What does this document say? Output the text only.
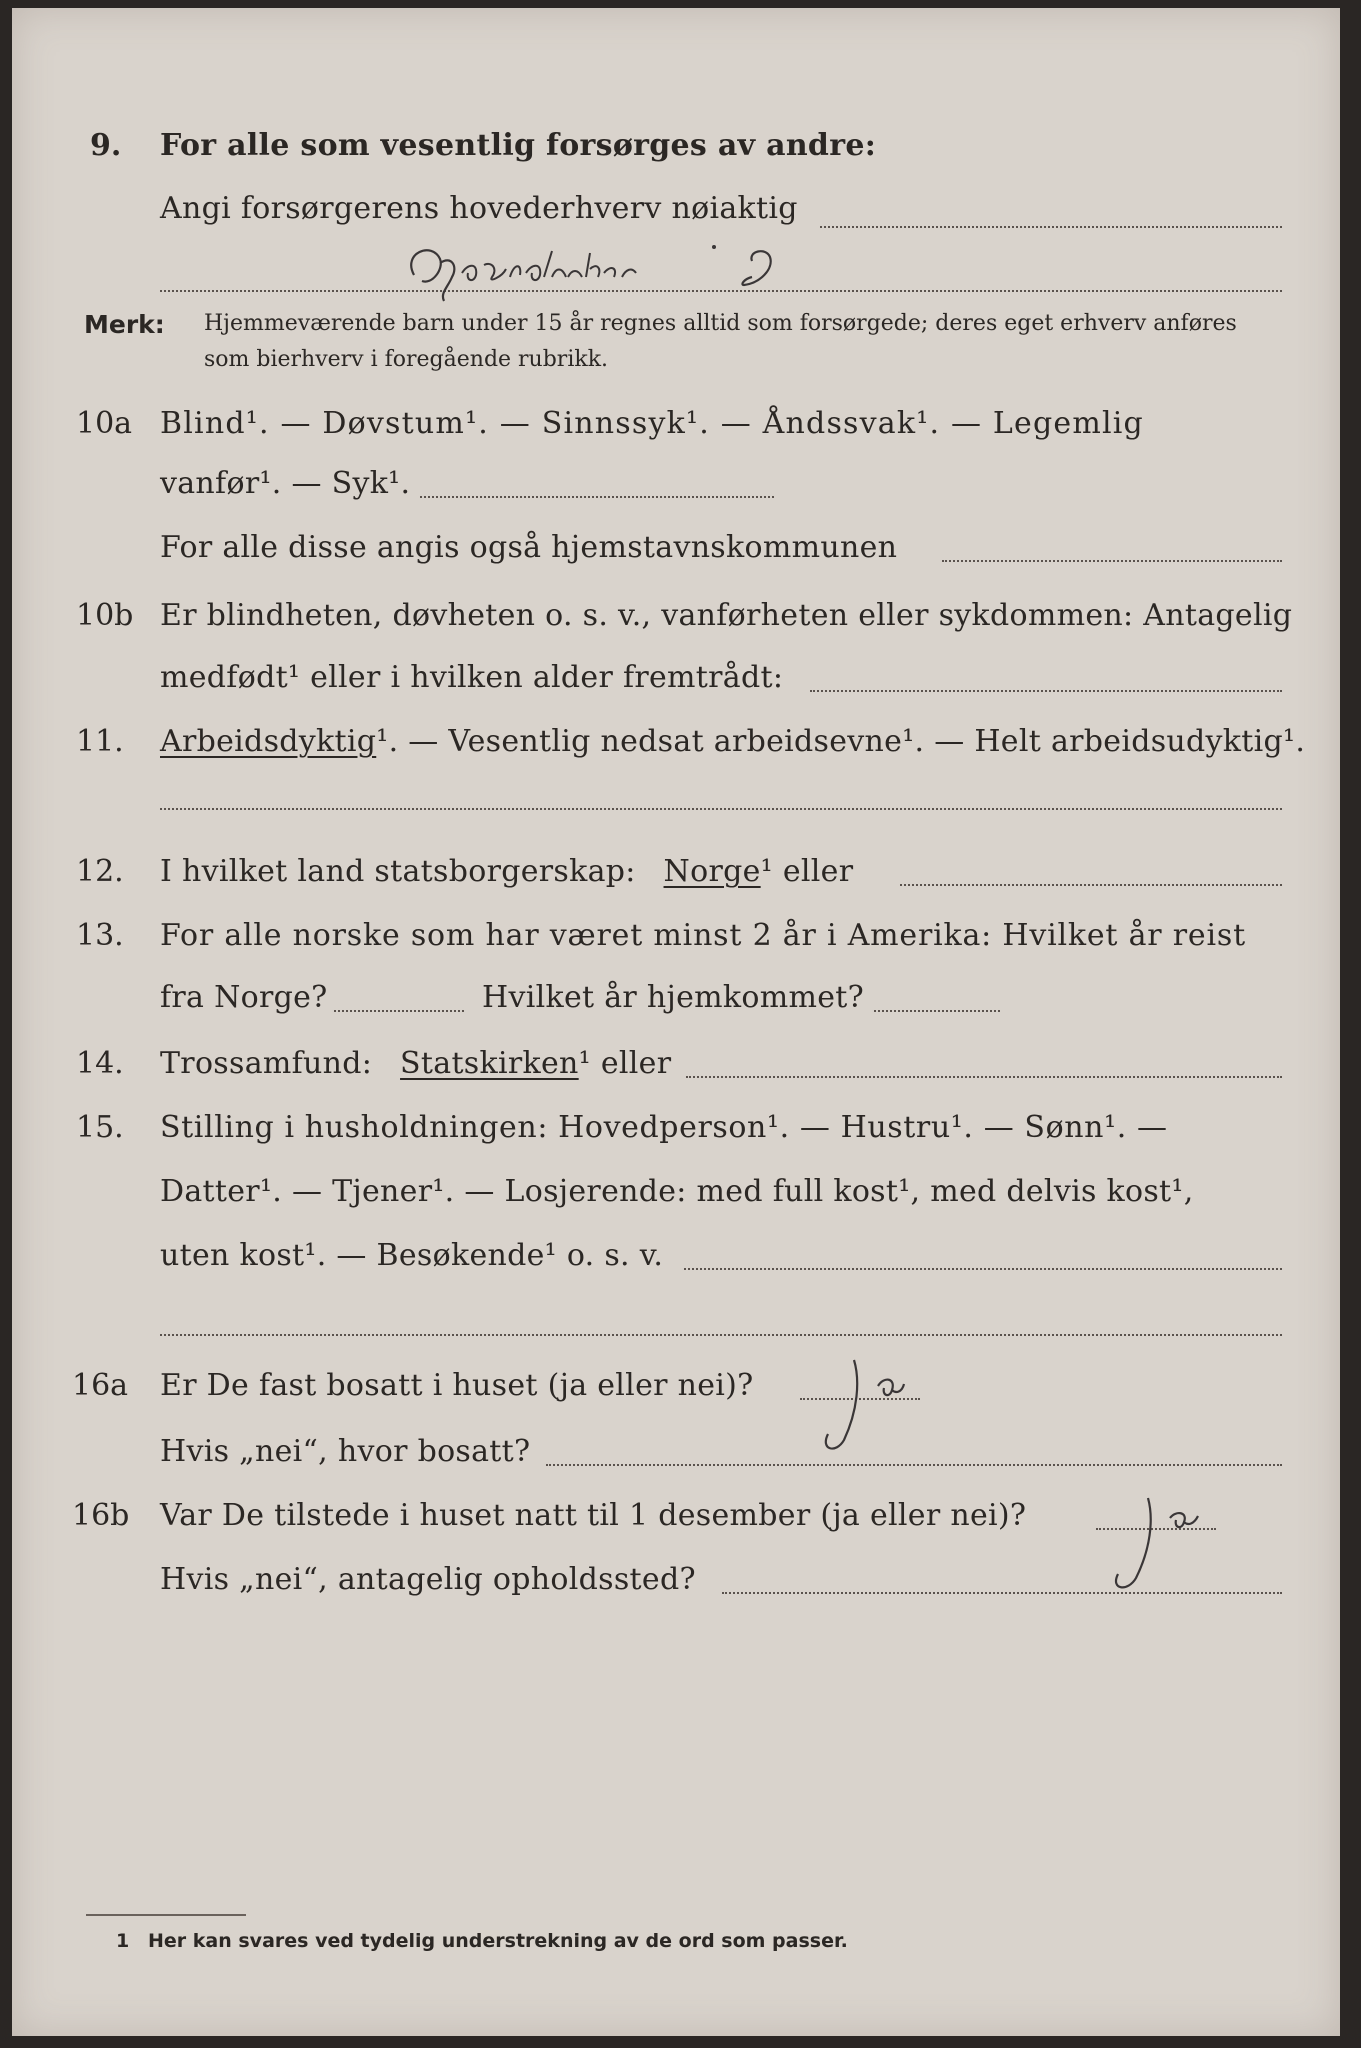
9. For alle som vesentlig forsørges av andre:
Angi forsørgerens hovederhverv nøiaktig
Merk: Hjemmeværende barn under 15 år regnes alltid som forsørgede; deres eget erhverv anføres som bierhverv i foregående rubrikk.
10a Blind¹. — Døvstum¹. — Sinnssyk¹. — Åndssvak¹. — Legemlig
vanfør¹. — Syk¹.
For alle disse angis også hjemstavnskommunen
10b Er blindheten, døvheten o. s. v., vanførheten eller sykdommen: Antagelig
medfødt¹ eller i hvilken alder fremtrådt:
11. Arbeidsdyktig¹. — Vesentlig nedsat arbeidsevne¹. — Helt arbeidsudyktig¹.
12. I hvilket land statsborgerskap: Norge¹ eller
13. For alle norske som har været minst 2 år i Amerika: Hvilket år reist
fra Norge?	Hvilket år hjemkommet?
14. Trossamfund: Statskirken¹ eller
15. Stilling i husholdningen: Hovedperson¹. — Hustru¹. — Sønn¹. —
Datter¹. — Tjener¹. — Losjerende: med full kost¹, med delvis kost¹,
uten kost¹. — Besøkende¹ o. s. v.
16a Er De fast bosatt i huset (ja eller nei)?
Hvis „nei“, hvor bosatt?
16b Var De tilstede i huset natt til 1 desember (ja eller nei)?
Hvis „nei“, antagelig opholdssted?
1 Her kan svares ved tydelig understrekning av de ord som passer.
